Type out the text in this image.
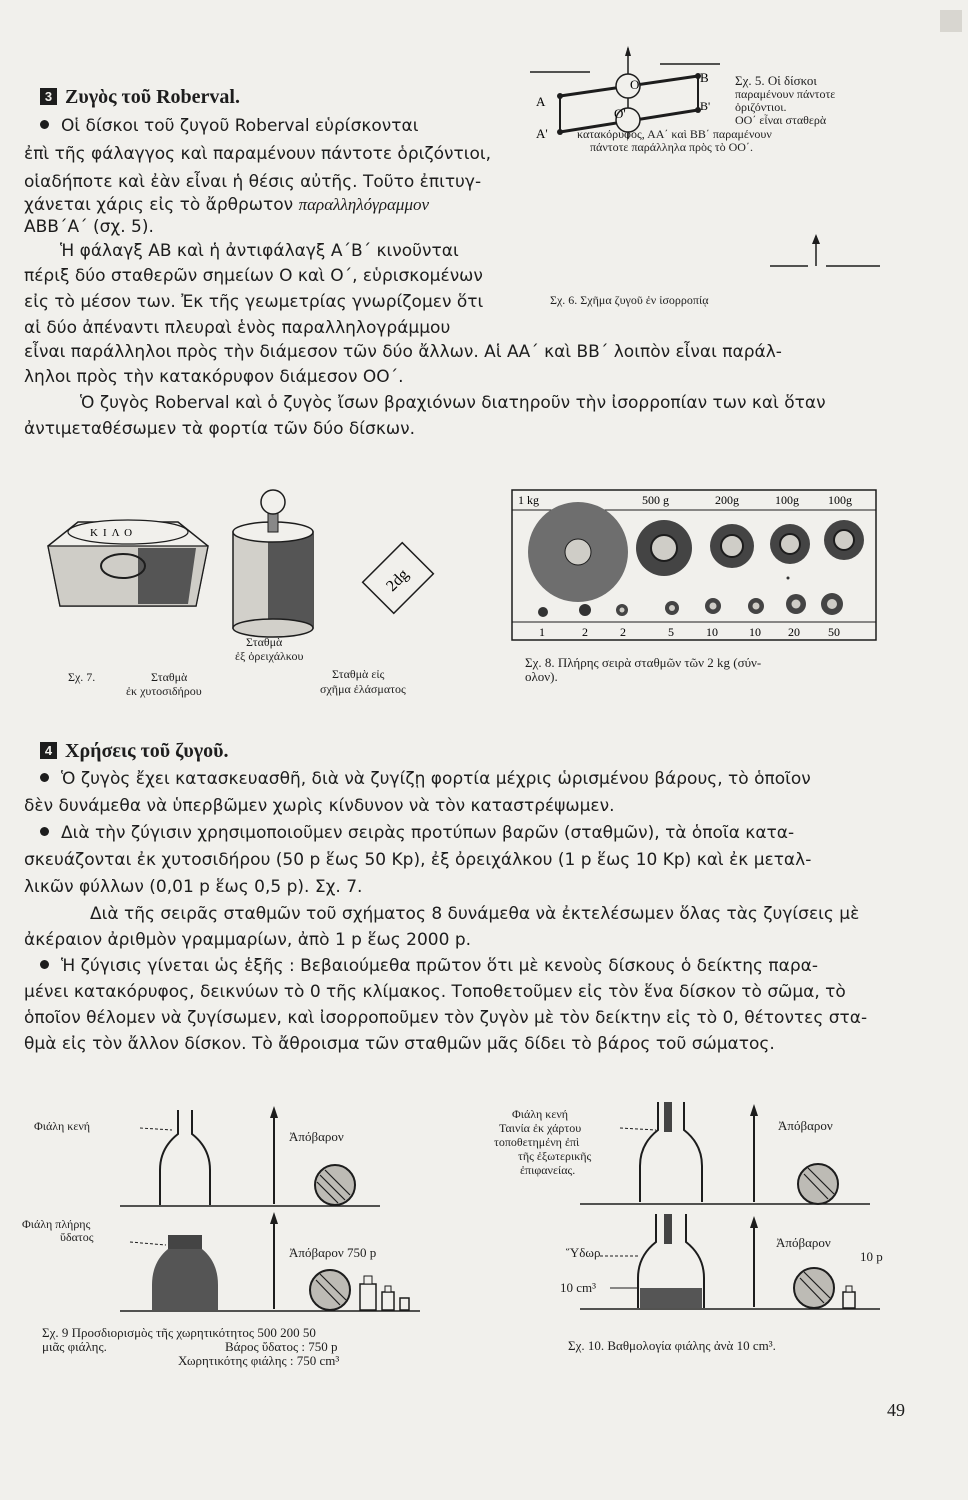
3 Ζυγὸς τοῦ Roberval.
Οἱ δίσκοι τοῦ ζυγοῦ Roberval εὑρίσκονται
ἐπὶ τῆς φάλαγγος καὶ παραμένουν πάντοτε ὁριζόντιοι,
οἱαδήποτε καὶ ἐὰν εἶναι ἡ θέσις αὐτῆς. Τοῦτο ἐπιτυγ-
χάνεται χάρις εἰς τὸ ἄρθρωτον παραλληλόγραμμον
ΑΒΒ΄Α΄ (σχ. 5).
Ἡ φάλαγξ ΑΒ καὶ ἡ ἀντιφάλαγξ Α΄Β΄ κινοῦνται
πέριξ δύο σταθερῶν σημείων Ο καὶ Ο΄, εὑρισκομένων
εἰς τὸ μέσον των. Ἐκ τῆς γεωμετρίας γνωρίζομεν ὅτι
αἱ δύο ἀπέναντι πλευραὶ ἑνὸς παραλληλογράμμου
εἶναι παράλληλοι πρὸς τὴν διάμεσον τῶν δύο ἄλλων. Αἱ ΑΑ΄ καὶ ΒΒ΄ λοιπὸν εἶναι παράλ-
ληλοι πρὸς τὴν κατακόρυφον διάμεσον ΟΟ΄.
Ὁ ζυγὸς Roberval καὶ ὁ ζυγὸς ἴσων βραχιόνων διατηροῦν τὴν ἰσορροπίαν των καὶ ὅταν
ἀντιμεταθέσωμεν τὰ φορτία τῶν δύο δίσκων.
A
A'
O
O'
B
B'
Σχ. 5. Οἱ δίσκοι
παραμένουν πάντοτε
ὁριζόντιοι.
ΟΟ΄ εἶναι σταθερὰ
κατακόρυφος, ΑΑ΄ καὶ ΒΒ΄ παραμένουν
πάντοτε παράλληλα πρὸς τὸ ΟΟ΄.
Σχ. 6. Σχῆμα ζυγοῦ ἐν ἰσορροπίᾳ
ΚΙΛΟ
2dg
Σχ. 7.	Σταθμὰ
ἐκ χυτοσιδήρου
Σταθμὰ
ἐξ ὀρειχάλκου
Σταθμὰ εἰς
σχῆμα ἐλάσματος
1 kg	500 g	200g	100g 100g
1	2	2	5	10	10 20 50
Σχ. 8. Πλήρης σειρὰ σταθμῶν τῶν 2 kg (σύν-
ολον).
4 Χρήσεις τοῦ ζυγοῦ.
Ὁ ζυγὸς ἔχει κατασκευασθῆ, διὰ νὰ ζυγίζῃ φορτία μέχρις ὡρισμένου βάρους, τὸ ὁποῖον
δὲν δυνάμεθα νὰ ὑπερβῶμεν χωρὶς κίνδυνον νὰ τὸν καταστρέψωμεν.
Διὰ τὴν ζύγισιν χρησιμοποιοῦμεν σειρὰς προτύπων βαρῶν (σταθμῶν), τὰ ὁποῖα κατα-
σκευάζονται ἐκ χυτοσιδήρου (50 p ἕως 50 Kp), ἐξ ὀρειχάλκου (1 p ἕως 10 Kp) καὶ ἐκ μεταλ-
λικῶν φύλλων (0,01 p ἕως 0,5 p). Σχ. 7.
Διὰ τῆς σειρᾶς σταθμῶν τοῦ σχήματος 8 δυνάμεθα νὰ ἐκτελέσωμεν ὅλας τὰς ζυγίσεις μὲ
ἀκέραιον ἀριθμὸν γραμμαρίων, ἀπὸ 1 p ἕως 2000 p.
Ἡ ζύγισις γίνεται ὡς ἑξῆς : Βεβαιούμεθα πρῶτον ὅτι μὲ κενοὺς δίσκους ὁ δείκτης παρα-
μένει κατακόρυφος, δεικνύων τὸ 0 τῆς κλίμακος. Τοποθετοῦμεν εἰς τὸν ἕνα δίσκον τὸ σῶμα, τὸ
ὁποῖον θέλομεν νὰ ζυγίσωμεν, καὶ ἰσορροποῦμεν τὸν ζυγὸν μὲ τὸν δείκτην εἰς τὸ 0, θέτοντες στα-
θμὰ εἰς τὸν ἄλλον δίσκον. Τὸ ἄθροισμα τῶν σταθμῶν μᾶς δίδει τὸ βάρος τοῦ σώματος.
Φιάλη κενή
Φιάλη πλήρης
ὕδατος
Ἀπόβαρον
Ἀπόβαρον 750 p
Σχ. 9 Προσδιορισμὸς τῆς χωρητικότητος 500 200 50
μιᾶς φιάλης.	Βάρος ὕδατος : 750 p
Χωρητικότης φιάλης : 750 cm³
Φιάλη κενή
Ταινία ἐκ χάρτου
τοποθετημένη ἐπὶ
τῆς ἐξωτερικῆς
ἐπιφανείας.
Ἀπόβαρον
Ὕδωρ
10 cm³
Ἀπόβαρον
10 p
Σχ. 10. Βαθμολογία φιάλης ἀνὰ 10 cm³.
49
